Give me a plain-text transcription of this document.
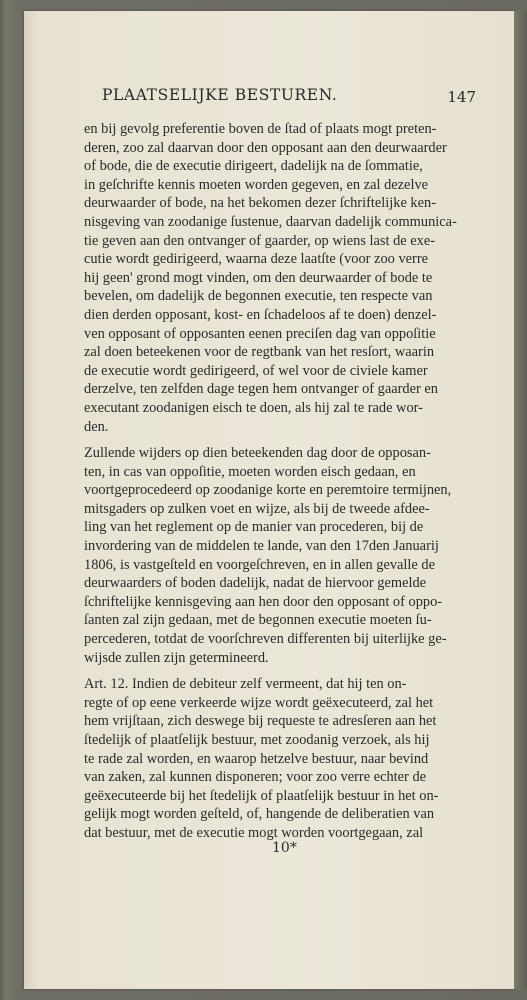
PLAATSELIJKE BESTUREN.	147

en bij gevolg preferentie boven de ſtad of plaats mogt preten-
deren, zoo zal daarvan door den opposant aan den deurwaarder
of bode, die de executie dirigeert, dadelijk na de ſommatie,
in geſchrifte kennis moeten worden gegeven, en zal dezelve
deurwaarder of bode, na het bekomen dezer ſchriftelijke ken-
nisgeving van zoodanige ſustenue, daarvan dadelijk communica-
tie geven aan den ontvanger of gaarder, op wiens last de exe-
cutie wordt gedirigeerd, waarna deze laatſte (voor zoo verre
hij geen' grond mogt vinden, om den deurwaarder of bode te
bevelen, om dadelijk de begonnen executie, ten respecte van
dien derden opposant, kost- en ſchadeloos af te doen) denzel-
ven opposant of opposanten eenen preciſen dag van oppoſitie
zal doen beteekenen voor de regtbank van het resſort, waarin
de executie wordt gedirigeerd, of wel voor de civiele kamer
derzelve, ten zelfden dage tegen hem ontvanger of gaarder en
executant zoodanigen eisch te doen, als hij zal te rade wor-
den.

Zullende wijders op dien beteekenden dag door de opposan-
ten, in cas van oppoſitie, moeten worden eisch gedaan, en
voortgeprocedeerd op zoodanige korte en peremtoire termijnen,
mitsgaders op zulken voet en wijze, als bij de tweede afdee-
ling van het reglement op de manier van procederen, bij de
invordering van de middelen te lande, van den 17den Januarij
1806, is vastgeſteld en voorgeſchreven, en in allen gevalle de
deurwaarders of boden dadelijk, nadat de hiervoor gemelde
ſchriftelijke kennisgeving aan hen door den opposant of oppo-
ſanten zal zijn gedaan, met de begonnen executie moeten ſu-
percederen, totdat de voorſchreven differenten bij uiterlijke ge-
wijsde zullen zijn getermineerd.

Art. 12. Indien de debiteur zelf vermeent, dat hij ten on-
regte of op eene verkeerde wijze wordt geëxecuteerd, zal het
hem vrijſtaan, zich deswege bij requeste te adresſeren aan het
ſtedelijk of plaatſelijk bestuur, met zoodanig verzoek, als hij
te rade zal worden, en waarop hetzelve bestuur, naar bevind
van zaken, zal kunnen disponeren; voor zoo verre echter de
geëxecuteerde bij het ſtedelijk of plaatſelijk bestuur in het on-
gelijk mogt worden geſteld, of, hangende de deliberatien van
dat bestuur, met de executie mogt worden voortgegaan, zal

10*
